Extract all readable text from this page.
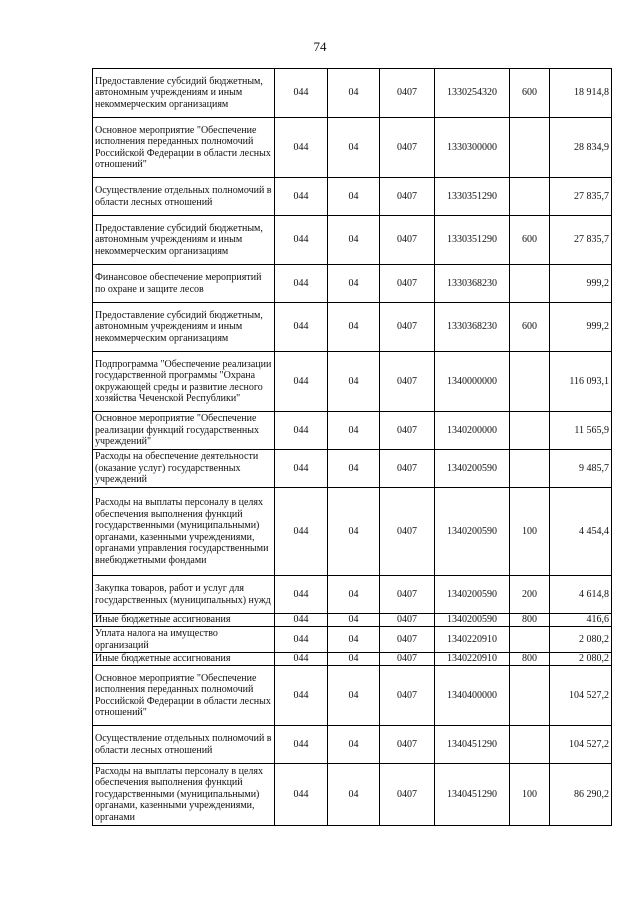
74
Предоставление субсидий бюджетным, автономным учреждениям и иным некоммерческим организациям	044	04	0407	1330254320	600	18 914,8
Основное мероприятие "Обеспечение исполнения переданных полномочий Российской Федерации в области лесных отношений"	044	04	0407	1330300000		28 834,9
Осуществление отдельных полномочий в области лесных отношений	044	04	0407	1330351290		27 835,7
Предоставление субсидий бюджетным, автономным учреждениям и иным некоммерческим организациям	044	04	0407	1330351290	600	27 835,7
Финансовое обеспечение мероприятий по охране и защите лесов	044	04	0407	1330368230		999,2
Предоставление субсидий бюджетным, автономным учреждениям и иным некоммерческим организациям	044	04	0407	1330368230	600	999,2
Подпрограмма "Обеспечение реализации государственной программы "Охрана окружающей среды и развитие лесного хозяйства Чеченской Республики"	044	04	0407	1340000000		116 093,1
Основное мероприятие "Обеспечение реализации функций государственных учреждений"	044	04	0407	1340200000		11 565,9
Расходы на обеспечение деятельности (оказание услуг) государственных учреждений	044	04	0407	1340200590		9 485,7
Расходы на выплаты персоналу в целях обеспечения выполнения функций государственными (муниципальными) органами, казенными учреждениями, органами управления государственными внебюджетными фондами	044	04	0407	1340200590	100	4 454,4
Закупка товаров, работ и услуг для государственных (муниципальных) нужд	044	04	0407	1340200590	200	4 614,8
Иные бюджетные ассигнования	044	04	0407	1340200590	800	416,6
Уплата налога на имущество организаций	044	04	0407	1340220910		2 080,2
Иные бюджетные ассигнования	044	04	0407	1340220910	800	2 080,2
Основное мероприятие "Обеспечение исполнения переданных полномочий Российской Федерации в области лесных отношений"	044	04	0407	1340400000		104 527,2
Осуществление отдельных полномочий в области лесных отношений	044	04	0407	1340451290		104 527,2
Расходы на выплаты персоналу в целях обеспечения выполнения функций государственными (муниципальными) органами, казенными учреждениями, органами	044	04	0407	1340451290	100	86 290,2
